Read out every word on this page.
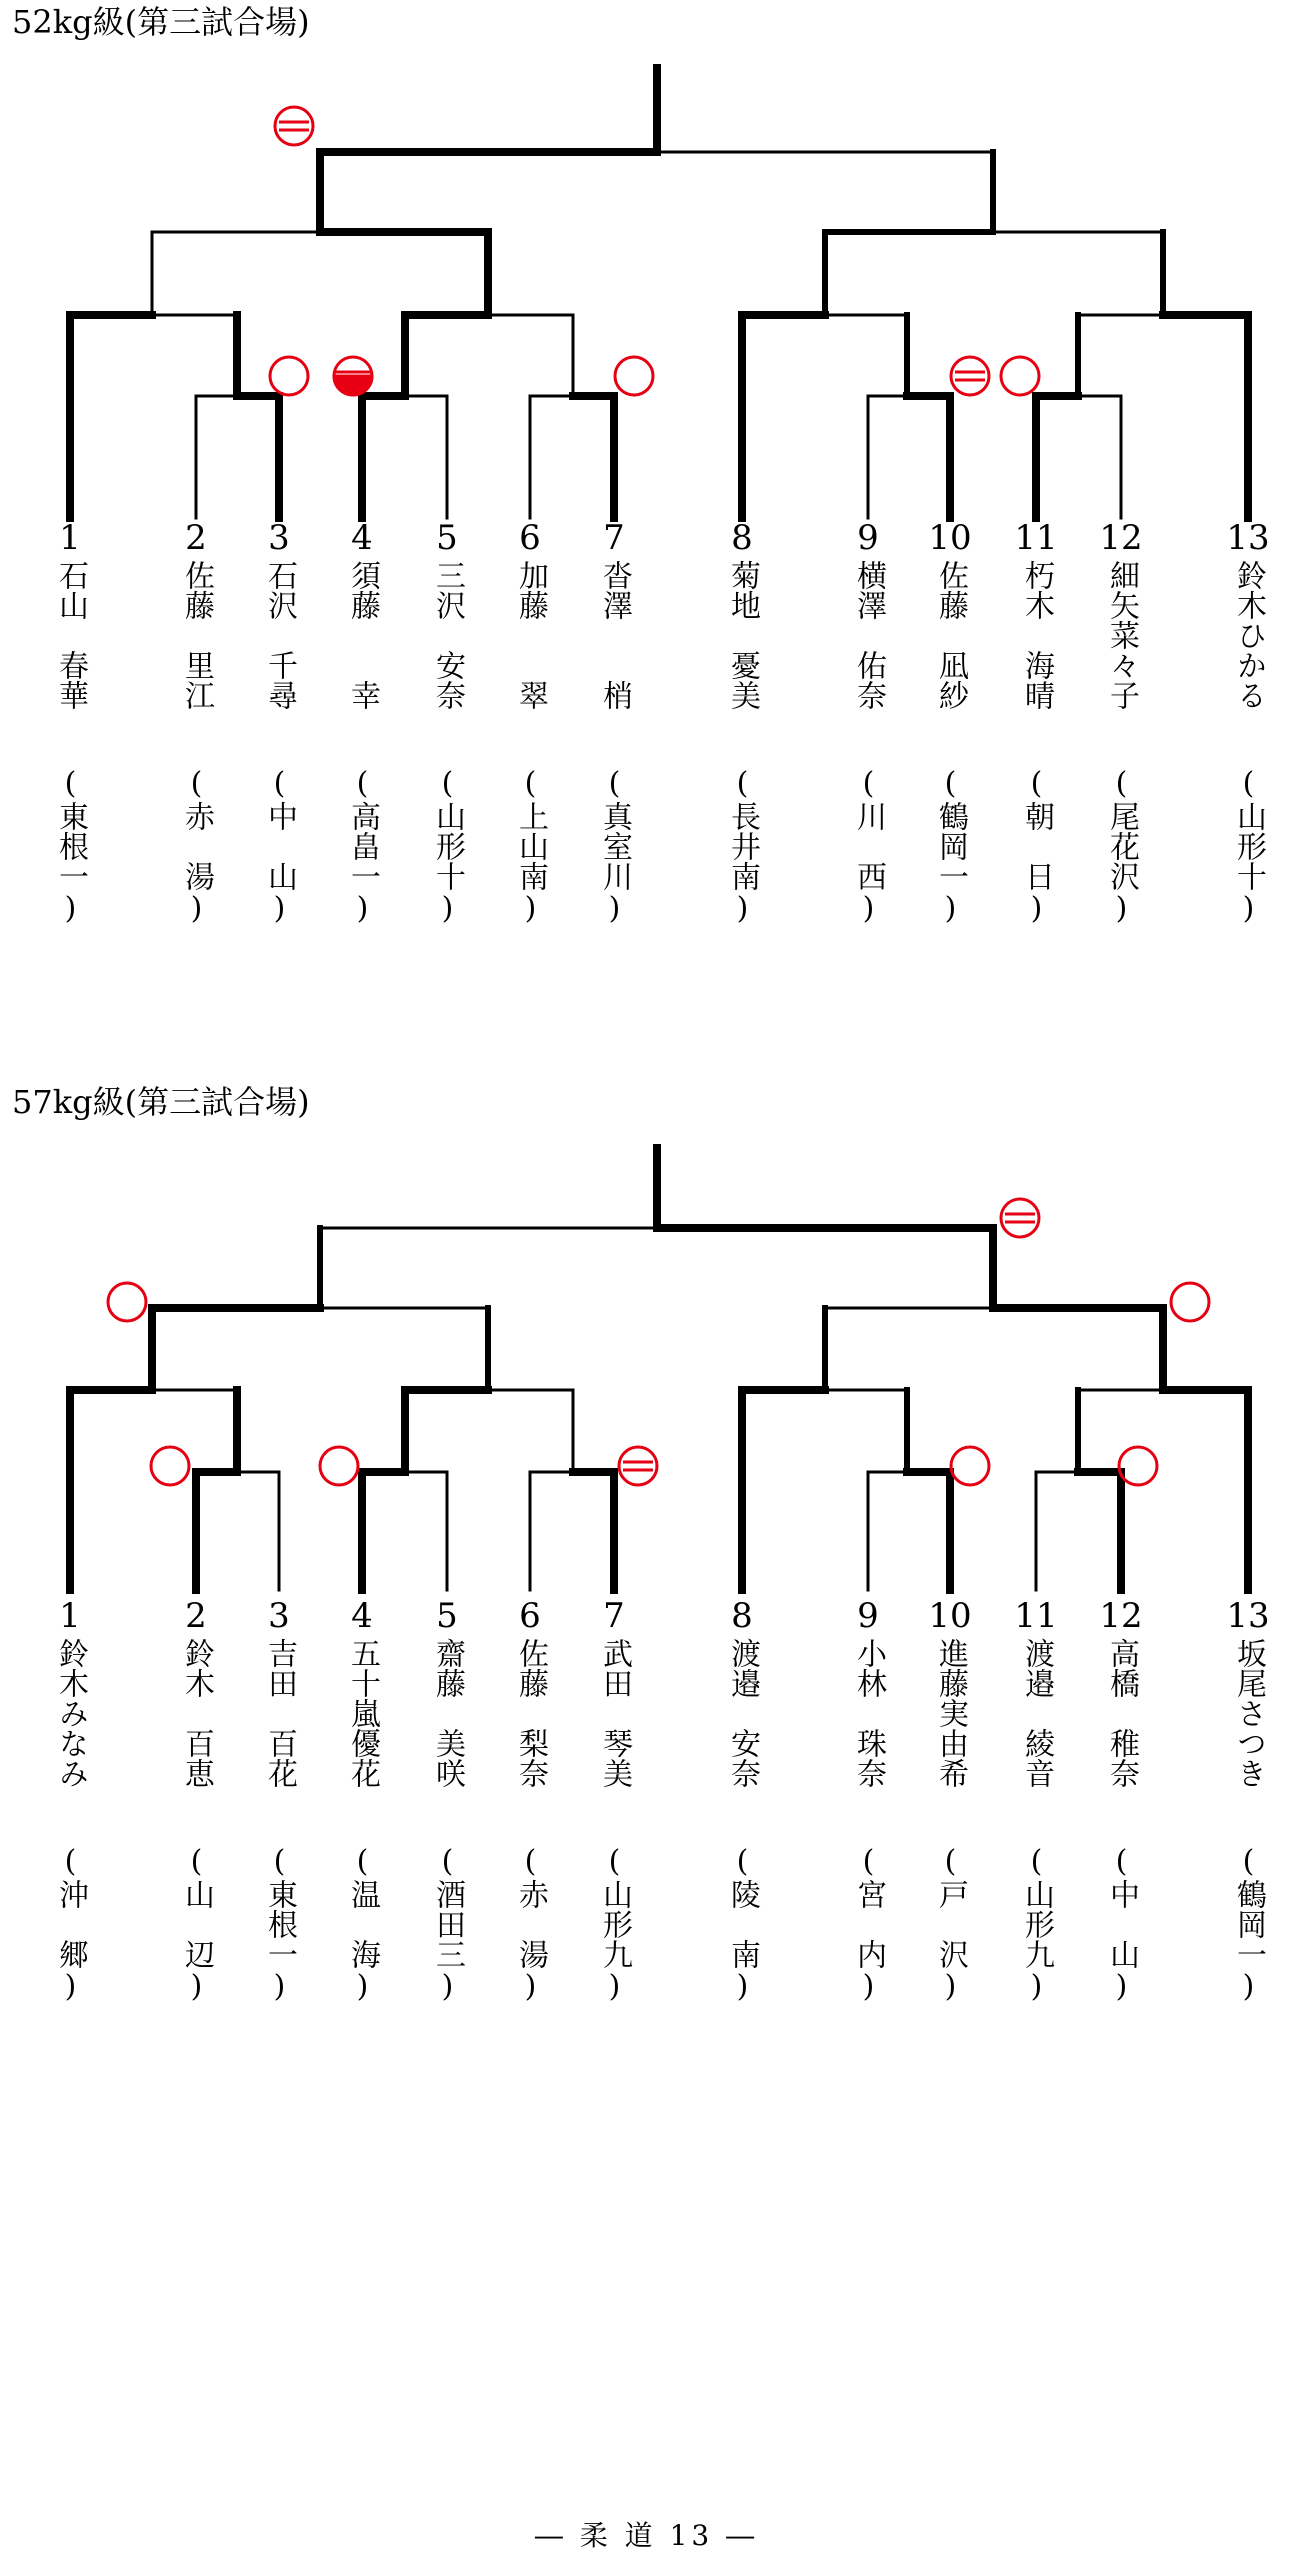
52kg級(第三試合場)
1
石山　春華
(東根一)
2
佐藤　里江
(赤　湯)
3
石沢　千尋
(中　山)
4
須藤　　幸
(高畠一)
5
三沢　安奈
(山形十)
6
加藤　　翠
(上山南)
7
沓澤　　梢
(真室川)
8
菊地　憂美
(長井南)
9
横澤　佑奈
(川　西)
10
佐藤　凪紗
(鶴岡一)
11
朽木　海晴
(朝　日)
12
細矢菜々子
(尾花沢)
13
鈴木ひかる
(山形十)
57kg級(第三試合場)
1
鈴木みなみ
(沖　郷)
2
鈴木　百恵
(山　辺)
3
吉田　百花
(東根一)
4
五十嵐優花
(温　海)
5
齋藤　美咲
(酒田三)
6
佐藤　梨奈
(赤　湯)
7
武田　琴美
(山形九)
8
渡邉　安奈
(陵　南)
9
小林　珠奈
(宮　内)
10
進藤実由希
(戸　沢)
11
渡邉　綾音
(山形九)
12
高橋　稚奈
(中　山)
13
坂尾さつき
(鶴岡一)
― 柔 道 13 ―
